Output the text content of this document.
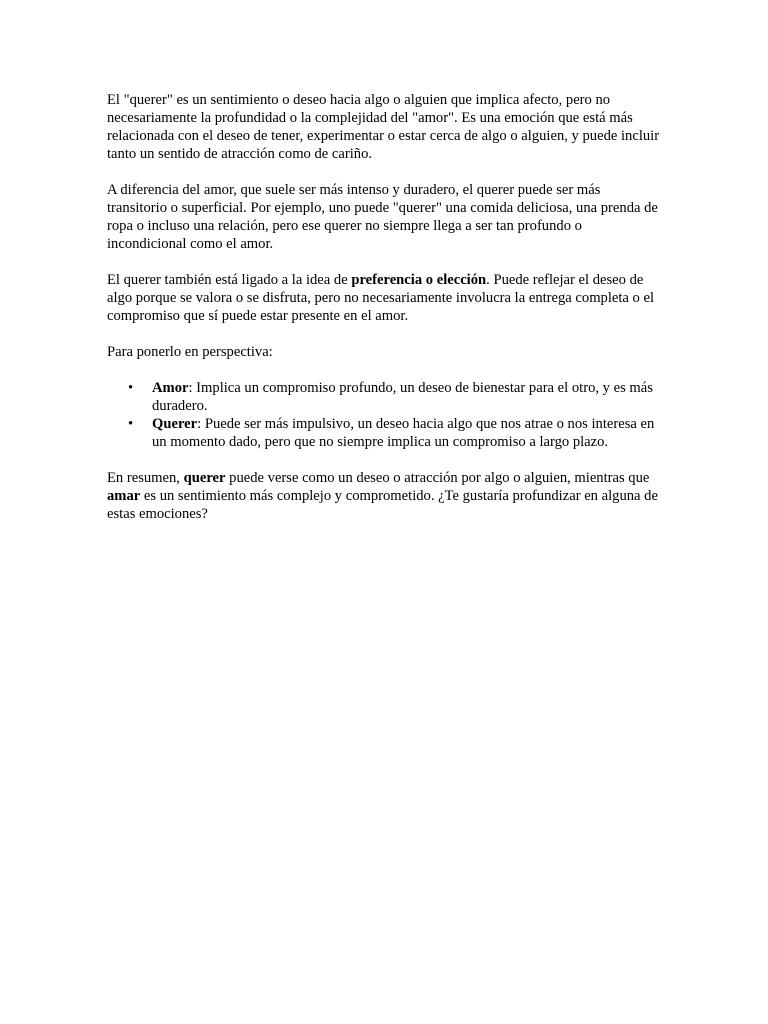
El "querer" es un sentimiento o deseo hacia algo o alguien que implica afecto, pero no necesariamente la profundidad o la complejidad del "amor". Es una emoción que está más relacionada con el deseo de tener, experimentar o estar cerca de algo o alguien, y puede incluir tanto un sentido de atracción como de cariño.

A diferencia del amor, que suele ser más intenso y duradero, el querer puede ser más transitorio o superficial. Por ejemplo, uno puede "querer" una comida deliciosa, una prenda de ropa o incluso una relación, pero ese querer no siempre llega a ser tan profundo o incondicional como el amor.

El querer también está ligado a la idea de preferencia o elección. Puede reflejar el deseo de algo porque se valora o se disfruta, pero no necesariamente involucra la entrega completa o el compromiso que sí puede estar presente en el amor.

Para ponerlo en perspectiva:

• Amor: Implica un compromiso profundo, un deseo de bienestar para el otro, y es más duradero.
• Querer: Puede ser más impulsivo, un deseo hacia algo que nos atrae o nos interesa en un momento dado, pero que no siempre implica un compromiso a largo plazo.

En resumen, querer puede verse como un deseo o atracción por algo o alguien, mientras que amar es un sentimiento más complejo y comprometido. ¿Te gustaría profundizar en alguna de estas emociones?
